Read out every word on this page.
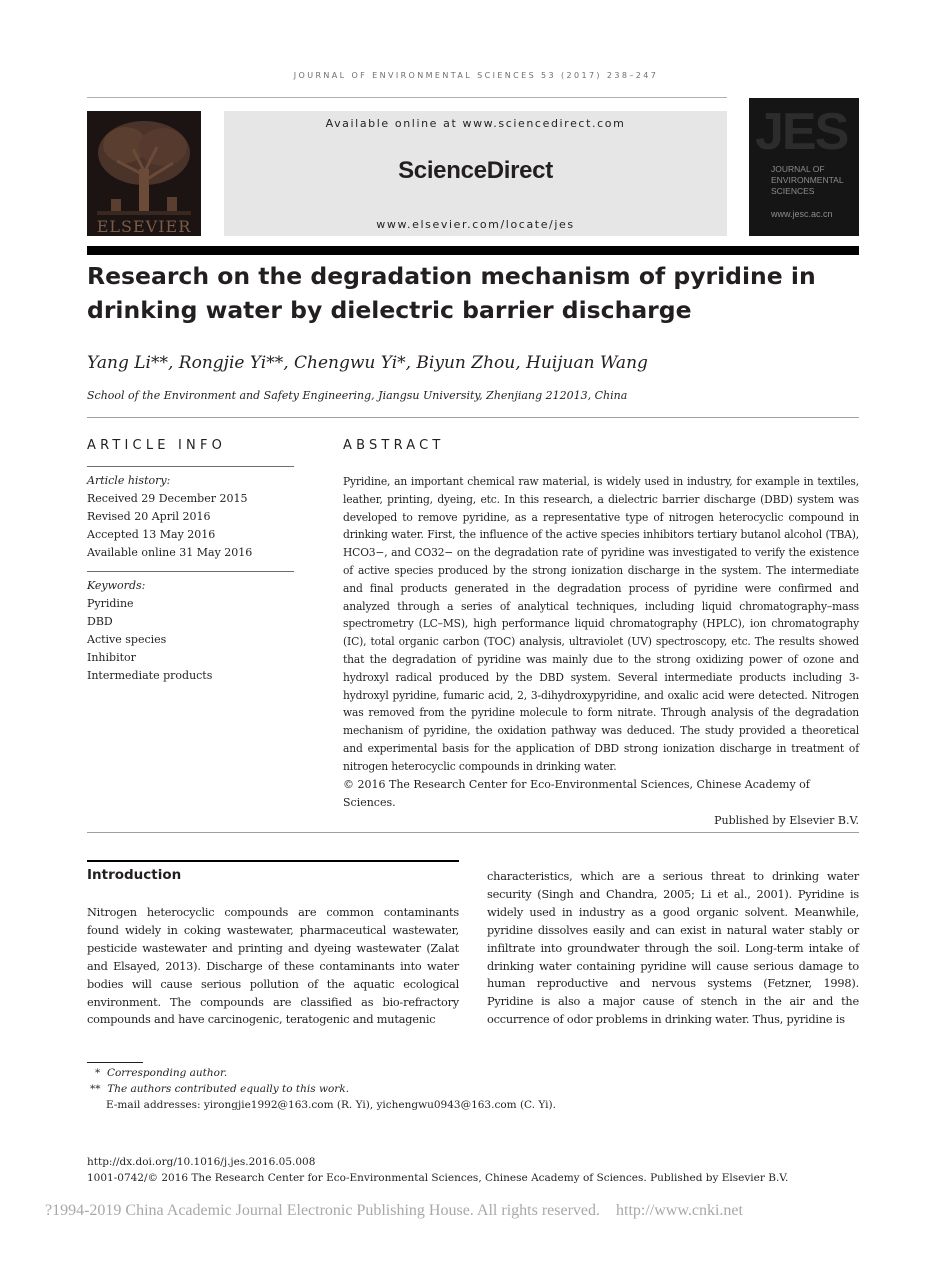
JOURNAL OF ENVIRONMENTAL SCIENCES 53 (2017) 238–247
ELSEVIER
Available online at www.sciencedirect.com
ScienceDirect
www.elsevier.com/locate/jes
JES
JOURNAL OF
ENVIRONMENTAL
SCIENCES
www.jesc.ac.cn
Research on the degradation mechanism of pyridine in
drinking water by dielectric barrier discharge
Yang Li**, Rongjie Yi**, Chengwu Yi*, Biyun Zhou, Huijuan Wang
School of the Environment and Safety Engineering, Jiangsu University, Zhenjiang 212013, China
ARTICLE INFO
Article history:
Received 29 December 2015
Revised 20 April 2016
Accepted 13 May 2016
Available online 31 May 2016
Keywords:
Pyridine
DBD
Active species
Inhibitor
Intermediate products
ABSTRACT
Pyridine, an important chemical raw material, is widely used in industry, for example in textiles, leather, printing, dyeing, etc. In this research, a dielectric barrier discharge (DBD) system was developed to remove pyridine, as a representative type of nitrogen heterocyclic compound in drinking water. First, the influence of the active species inhibitors tertiary butanol alcohol (TBA), HCO3−, and CO32− on the degradation rate of pyridine was investigated to verify the existence of active species produced by the strong ionization discharge in the system. The intermediate and final products generated in the degradation process of pyridine were confirmed and analyzed through a series of analytical techniques, including liquid chromatography–mass spectrometry (LC–MS), high performance liquid chromatography (HPLC), ion chromatography (IC), total organic carbon (TOC) analysis, ultraviolet (UV) spectroscopy, etc. The results showed that the degradation of pyridine was mainly due to the strong oxidizing power of ozone and hydroxyl radical produced by the DBD system. Several intermediate products including 3-hydroxyl pyridine, fumaric acid, 2, 3-dihydroxypyridine, and oxalic acid were detected. Nitrogen was removed from the pyridine molecule to form nitrate. Through analysis of the degradation mechanism of pyridine, the oxidation pathway was deduced. The study provided a theoretical and experimental basis for the application of DBD strong ionization discharge in treatment of nitrogen heterocyclic compounds in drinking water.
© 2016 The Research Center for Eco-Environmental Sciences, Chinese Academy of Sciences.
Published by Elsevier B.V.
Introduction
Nitrogen heterocyclic compounds are common contaminants found widely in coking wastewater, pharmaceutical wastewater, pesticide wastewater and printing and dyeing wastewater (Zalat and Elsayed, 2013). Discharge of these contaminants into water bodies will cause serious pollution of the aquatic ecological environment. The compounds are classified as bio-refractory compounds and have carcinogenic, teratogenic and mutagenic
characteristics, which are a serious threat to drinking water security (Singh and Chandra, 2005; Li et al., 2001). Pyridine is widely used in industry as a good organic solvent. Meanwhile, pyridine dissolves easily and can exist in natural water stably or infiltrate into groundwater through the soil. Long-term intake of drinking water containing pyridine will cause serious damage to human reproductive and nervous systems (Fetzner, 1998). Pyridine is also a major cause of stench in the air and the occurrence of odor problems in drinking water. Thus, pyridine is
* Corresponding author.
** The authors contributed equally to this work.
E-mail addresses: yirongjie1992@163.com (R. Yi), yichengwu0943@163.com (C. Yi).
http://dx.doi.org/10.1016/j.jes.2016.05.008
1001-0742/© 2016 The Research Center for Eco-Environmental Sciences, Chinese Academy of Sciences. Published by Elsevier B.V.
?1994-2019 China Academic Journal Electronic Publishing House. All rights reserved.    http://www.cnki.net
